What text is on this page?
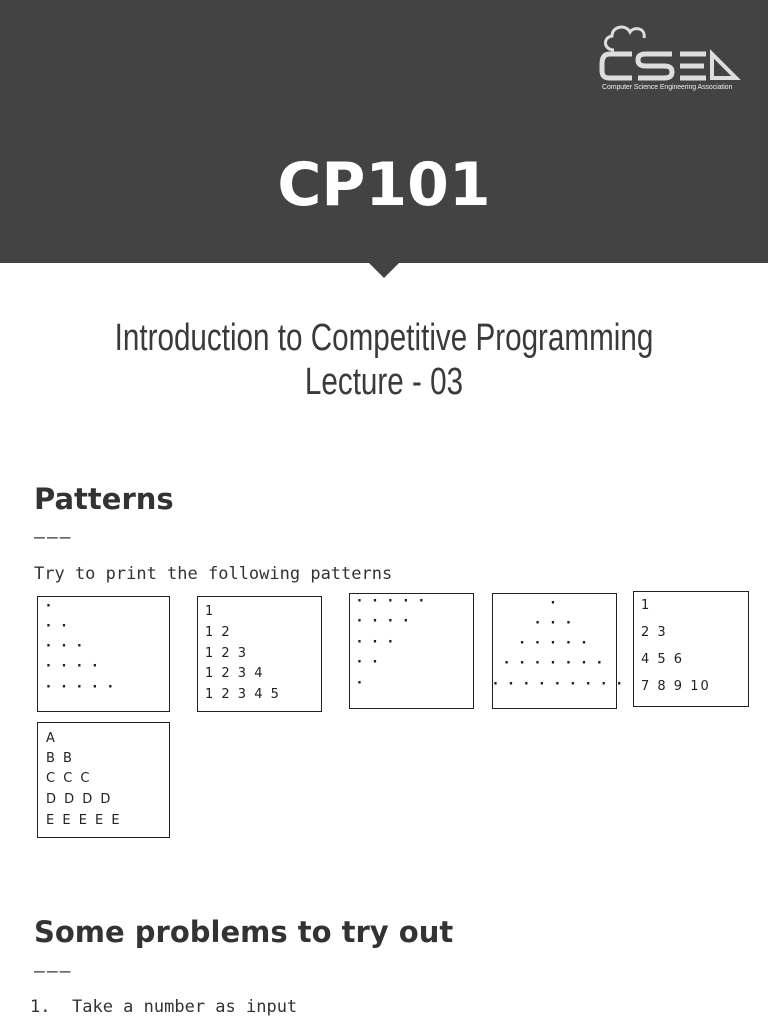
Computer Science Engineering Association
CP101
Introduction to Competitive Programming
Lecture - 03
Patterns
———
Try to print the following patterns
·
· ·
· · ·
· · · ·
· · · · ·
1
1 2
1 2 3
1 2 3 4
1 2 3 4 5
· · · · ·
· · · ·
· · ·
· ·
·
·
· · ·
· · · · ·
· · · · · · ·
· · · · · · · · ·
1
2 3
4 5 6
7 8 9 10
A
B B
C C C
D D D D
E E E E E
Some problems to try out
———
1. Take a number as input
